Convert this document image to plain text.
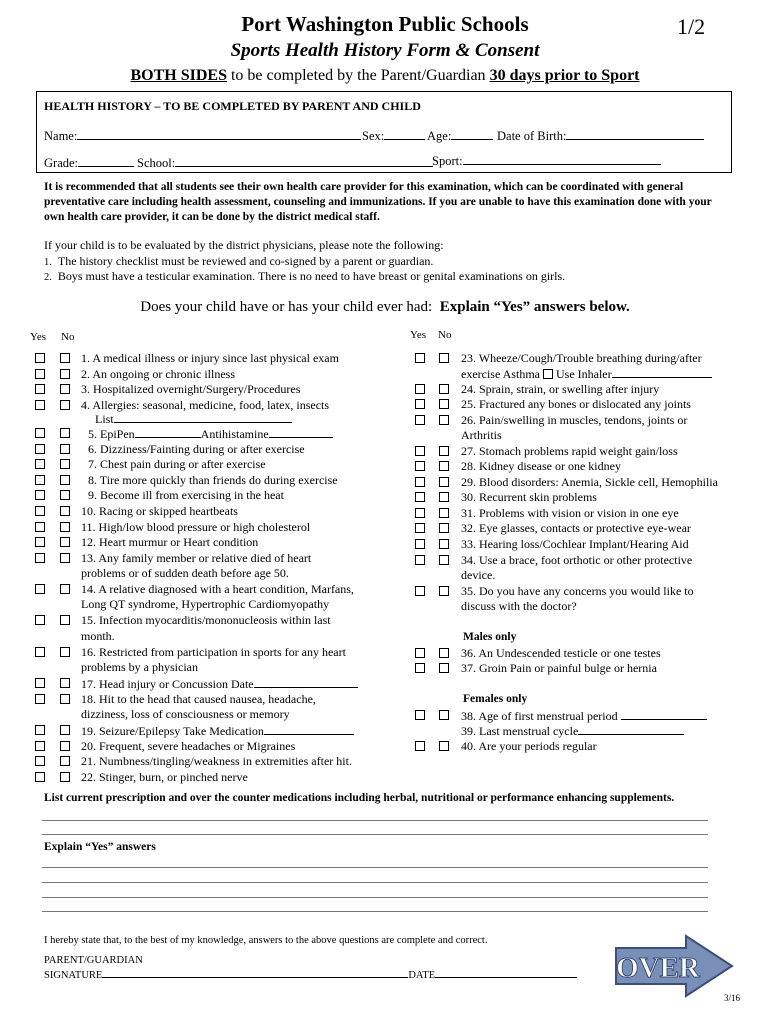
Port Washington Public Schools	1/2
Sports Health History Form & Consent
BOTH SIDES to be completed by the Parent/Guardian 30 days prior to Sport
HEALTH HISTORY – TO BE COMPLETED BY PARENT AND CHILD
Name:	Sex:	Age:	Date of Birth:
Grade:	School:	Sport:
It is recommended that all students see their own health care provider for this examination, which can be coordinated with general preventative care including health assessment, counseling and immunizations. If you are unable to have this examination done with your own health care provider, it can be done by the district medical staff.
If your child is to be evaluated by the district physicians, please note the following:
1. The history checklist must be reviewed and co-signed by a parent or guardian.
2. Boys must have a testicular examination. There is no need to have breast or genital examinations on girls.
Does your child have or has your child ever had:  Explain “Yes” answers below.
Yes No	Yes No
1. A medical illness or injury since last physical exam
2. An ongoing or chronic illness
3. Hospitalized overnight/Surgery/Procedures
4. Allergies: seasonal, medicine, food, latex, insects
List
5. EpiPen	Antihistamine
6. Dizziness/Fainting during or after exercise
7. Chest pain during or after exercise
8. Tire more quickly than friends do during exercise
9. Become ill from exercising in the heat
10. Racing or skipped heartbeats
11. High/low blood pressure or high cholesterol
12. Heart murmur or Heart condition
13. Any family member or relative died of heart
problems or of sudden death before age 50.
14. A relative diagnosed with a heart condition, Marfans,
Long QT syndrome, Hypertrophic Cardiomyopathy
15. Infection myocarditis/mononucleosis within last
month.
16. Restricted from participation in sports for any heart
problems by a physician
17. Head injury or Concussion Date
18. Hit to the head that caused nausea, headache,
dizziness, loss of consciousness or memory
19. Seizure/Epilepsy Take Medication
20. Frequent, severe headaches or Migraines
21. Numbness/tingling/weakness in extremities after hit.
22. Stinger, burn, or pinched nerve
23. Wheeze/Cough/Trouble breathing during/after
exercise Asthma Use Inhaler
24. Sprain, strain, or swelling after injury
25. Fractured any bones or dislocated any joints
26. Pain/swelling in muscles, tendons, joints or
Arthritis
27. Stomach problems rapid weight gain/loss
28. Kidney disease or one kidney
29. Blood disorders: Anemia, Sickle cell, Hemophilia
30. Recurrent skin problems
31. Problems with vision or vision in one eye
32. Eye glasses, contacts or protective eye-wear
33. Hearing loss/Cochlear Implant/Hearing Aid
34. Use a brace, foot orthotic or other protective
device.
35. Do you have any concerns you would like to
discuss with the doctor?
Males only
36. An Undescended testicle or one testes
37. Groin Pain or painful bulge or hernia
Females only
38. Age of first menstrual period
39. Last menstrual cycle
40. Are your periods regular
List current prescription and over the counter medications including herbal, nutritional or performance enhancing supplements.
Explain “Yes” answers
I hereby state that, to the best of my knowledge, answers to the above questions are complete and correct.
PARENT/GUARDIAN
SIGNATURE	DATE	OVER
3/16
